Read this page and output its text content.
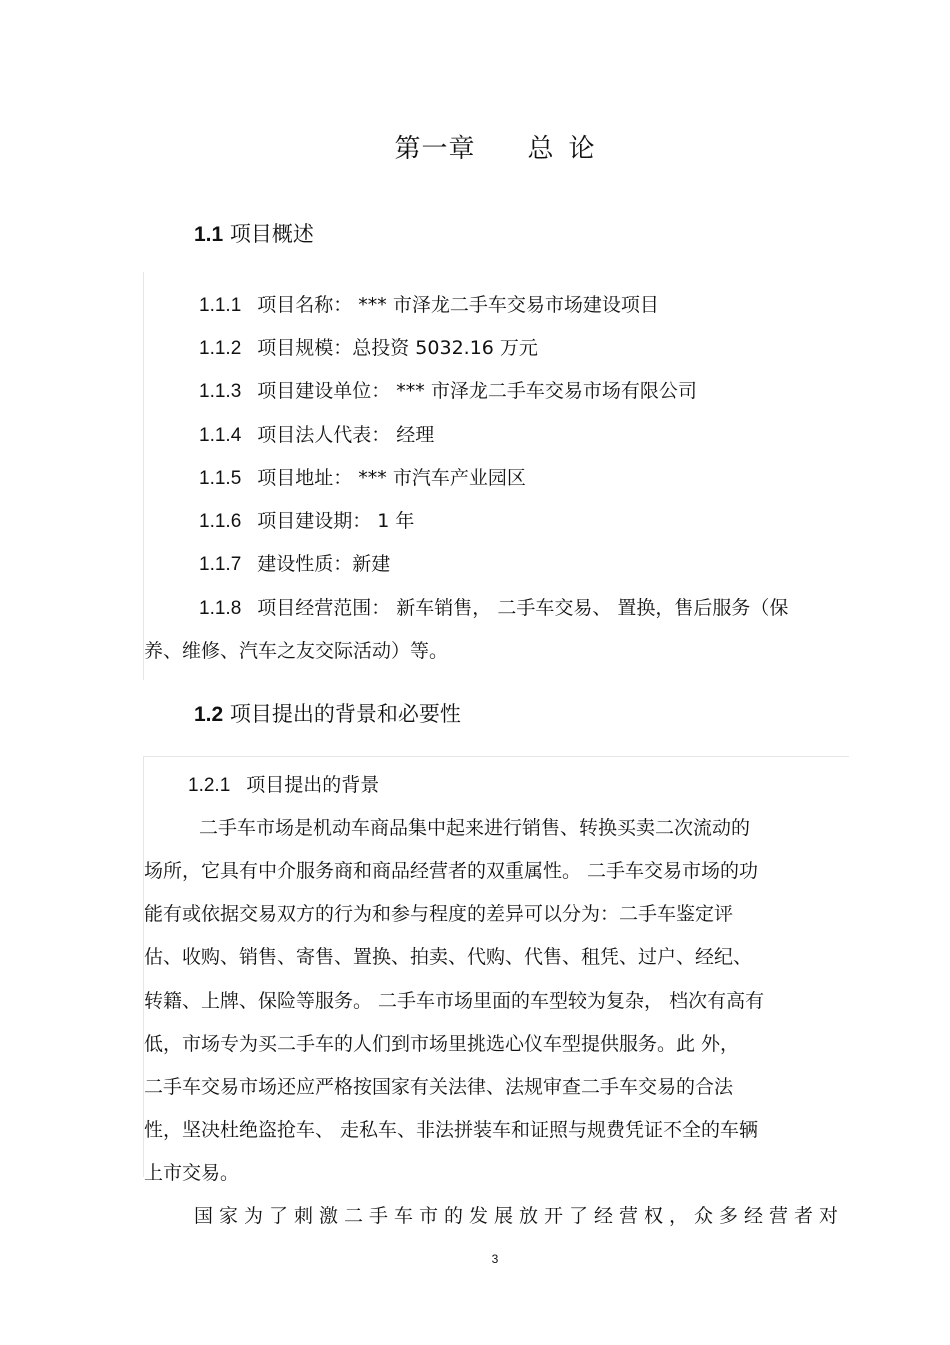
第一章 总 论
1.1 项目概述
1.1.1 项目名称： *** 市泽龙二手车交易市场建设项目
1.1.2 项目规模：总投资 5032.16 万元
1.1.3 项目建设单位： *** 市泽龙二手车交易市场有限公司
1.1.4 项目法人代表： 经理
1.1.5 项目地址： *** 市汽车产业园区
1.1.6 项目建设期： 1 年
1.1.7 建设性质：新建
1.1.8 项目经营范围： 新车销售， 二手车交易、 置换，售后服务（保
养、维修、汽车之友交际活动）等。
1.2 项目提出的背景和必要性
1.2.1 项目提出的背景
二手车市场是机动车商品集中起来进行销售、转换买卖二次流动的
场所，它具有中介服务商和商品经营者的双重属性。 二手车交易市场的功
能有或依据交易双方的行为和参与程度的差异可以分为：二手车鉴定评
估、收购、销售、寄售、置换、拍卖、代购、代售、租凭、过户、经纪、
转籍、上牌、保险等服务。 二手车市场里面的车型较为复杂， 档次有高有
低，市场专为买二手车的人们到市场里挑选心仪车型提供服务。此 外，
二手车交易市场还应严格按国家有关法律、法规审查二手车交易的合法
性，坚决杜绝盗抢车、 走私车、非法拼装车和证照与规费凭证不全的车辆
上市交易。
国家为了刺激二手车市的发展放开了经营权，众多经营者对
3
